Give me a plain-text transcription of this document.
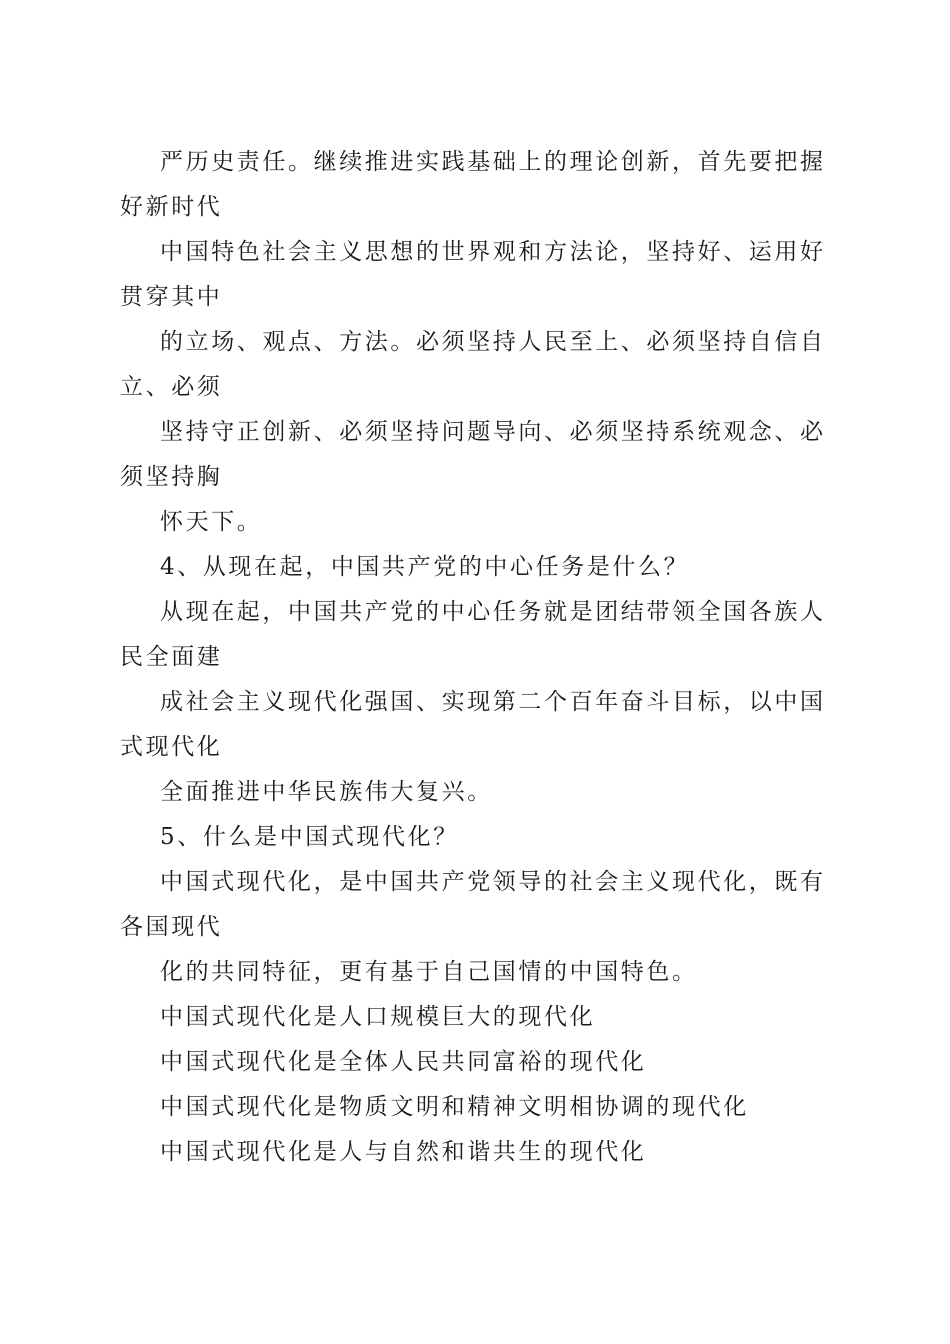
严历史责任。继续推进实践基础上的理论创新，首先要把握
好新时代

中国特色社会主义思想的世界观和方法论，坚持好、运用好
贯穿其中

的立场、观点、方法。必须坚持人民至上、必须坚持自信自
立、必须

坚持守正创新、必须坚持问题导向、必须坚持系统观念、必
须坚持胸

怀天下。

4、从现在起，中国共产党的中心任务是什么？

从现在起，中国共产党的中心任务就是团结带领全国各族人
民全面建

成社会主义现代化强国、实现第二个百年奋斗目标，以中国
式现代化

全面推进中华民族伟大复兴。

5、什么是中国式现代化？

中国式现代化，是中国共产党领导的社会主义现代化，既有
各国现代

化的共同特征，更有基于自己国情的中国特色。

中国式现代化是人口规模巨大的现代化

中国式现代化是全体人民共同富裕的现代化

中国式现代化是物质文明和精神文明相协调的现代化

中国式现代化是人与自然和谐共生的现代化
